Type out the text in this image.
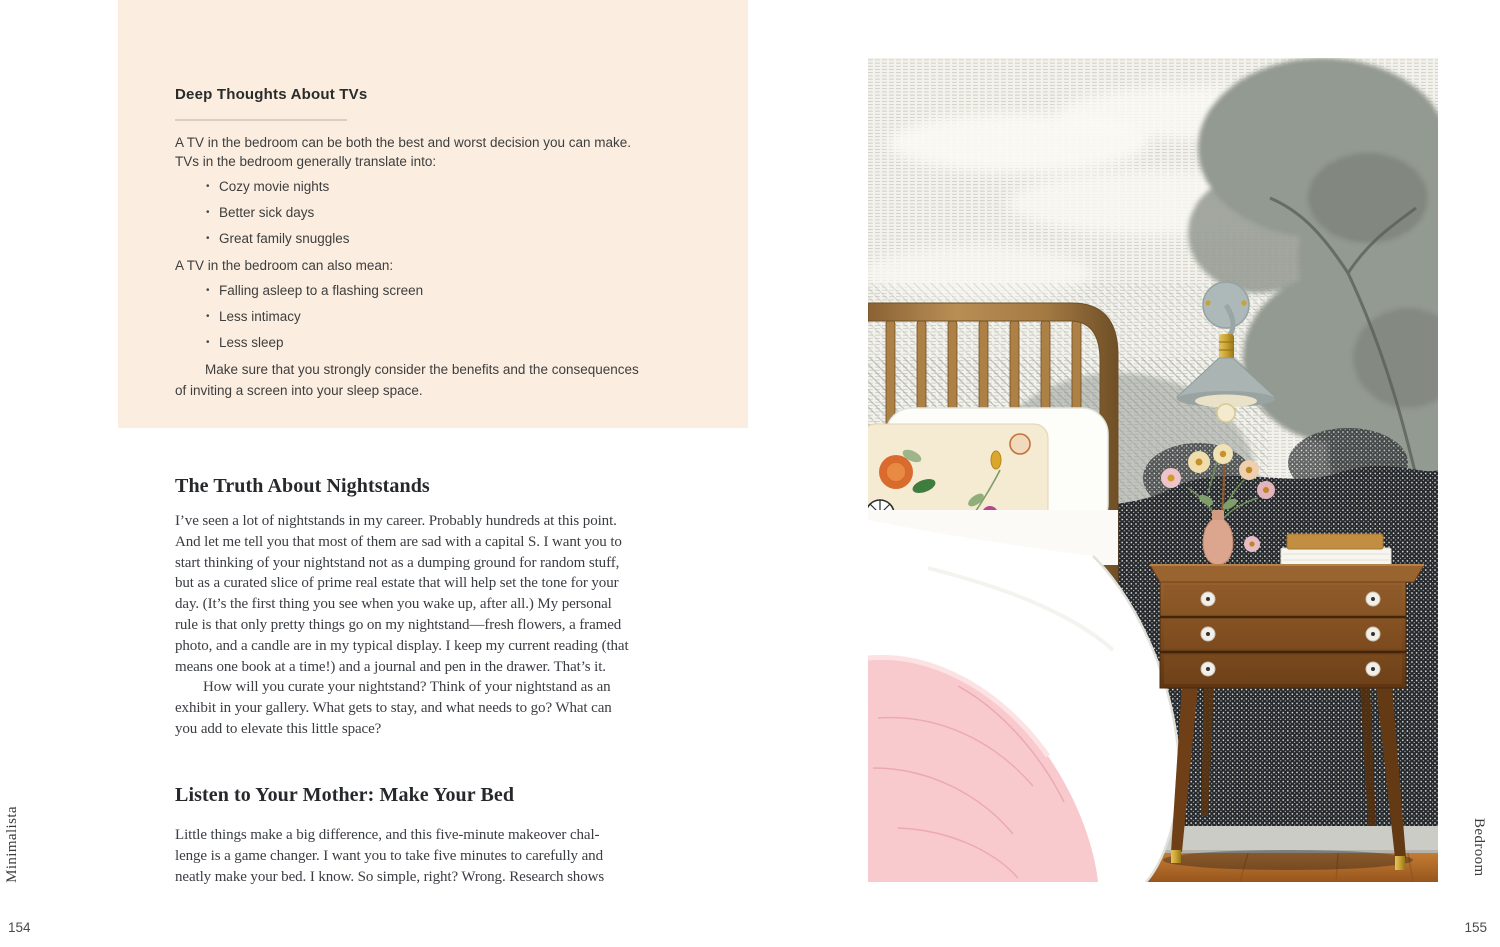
Deep Thoughts About TVs
A TV in the bedroom can be both the best and worst decision you can make.
TVs in the bedroom generally translate into:
• Cozy movie nights
• Better sick days
• Great family snuggles
A TV in the bedroom can also mean:
• Falling asleep to a flashing screen
• Less intimacy
• Less sleep
Make sure that you strongly consider the benefits and the consequences
of inviting a screen into your sleep space.
The Truth About Nightstands
I’ve seen a lot of nightstands in my career. Probably hundreds at this point.
And let me tell you that most of them are sad with a capital S. I want you to
start thinking of your nightstand not as a dumping ground for random stuff,
but as a curated slice of prime real estate that will help set the tone for your
day. (It’s the first thing you see when you wake up, after all.) My personal
rule is that only pretty things go on my nightstand—fresh flowers, a framed
photo, and a candle are in my typical display. I keep my current reading (that
means one book at a time!) and a journal and pen in the drawer. That’s it.
How will you curate your nightstand? Think of your nightstand as an
exhibit in your gallery. What gets to stay, and what needs to go? What can
you add to elevate this little space?
Listen to Your Mother: Make Your Bed
Little things make a big difference, and this five-minute makeover chal-
lenge is a game changer. I want you to take five minutes to carefully and
neatly make your bed. I know. So simple, right? Wrong. Research shows
Minimalista
154
Bedroom
155
